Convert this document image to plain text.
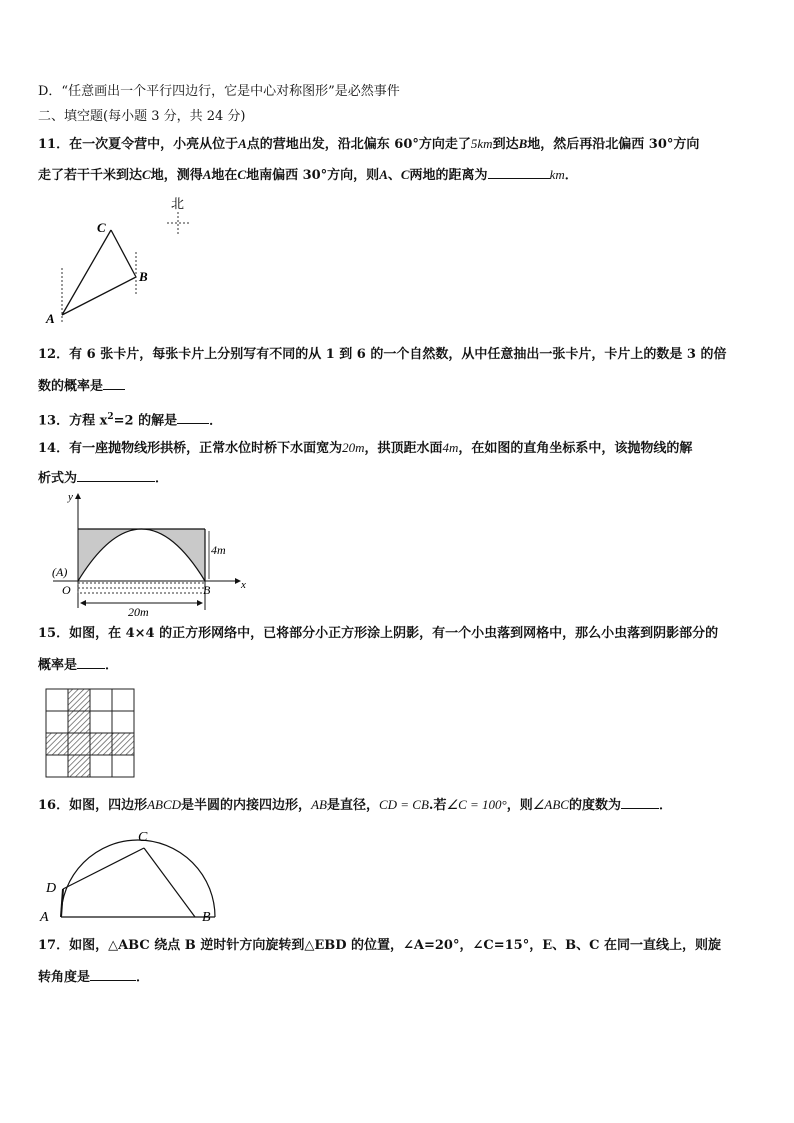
D．“任意画出一个平行四边行，它是中心对称图形”是必然事件
二、填空题(每小题 3 分，共 24 分)
11．在一次夏令营中，小亮从位于A点的营地出发，沿北偏东 60°方向走了5km到达B地，然后再沿北偏西 30°方向
走了若干千米到达C地，测得A地在C地南偏西 30°方向，则A、C两地的距离为	km．
北
C
B
A
12．有 6 张卡片，每张卡片上分别写有不同的从 1 到 6 的一个自然数，从中任意抽出一张卡片，卡片上的数是 3 的倍
数的概率是
13．方程 $x^2=2$ 的解是 ．
14．有一座抛物线形拱桥，正常水位时桥下水面宽为20m，拱顶距水面4m，在如图的直角坐标系中，该抛物线的解
析式为	．
y
x
O	B
(A)
4m
20m
15．如图，在 4×4 的正方形网络中，已将部分小正方形涂上阴影，有一个小虫落到网格中，那么小虫落到阴影部分的
概率是 ．
16．如图，四边形ABCD是半圆的内接四边形，AB是直径，CD = CB.若∠C = 100°，则∠ABC的度数为	．
C
D
A	B
17．如图，△ABC 绕点 B 逆时针方向旋转到△EBD 的位置，∠A=20°，∠C=15°，E、B、C 在同一直线上，则旋
转角度是	．
